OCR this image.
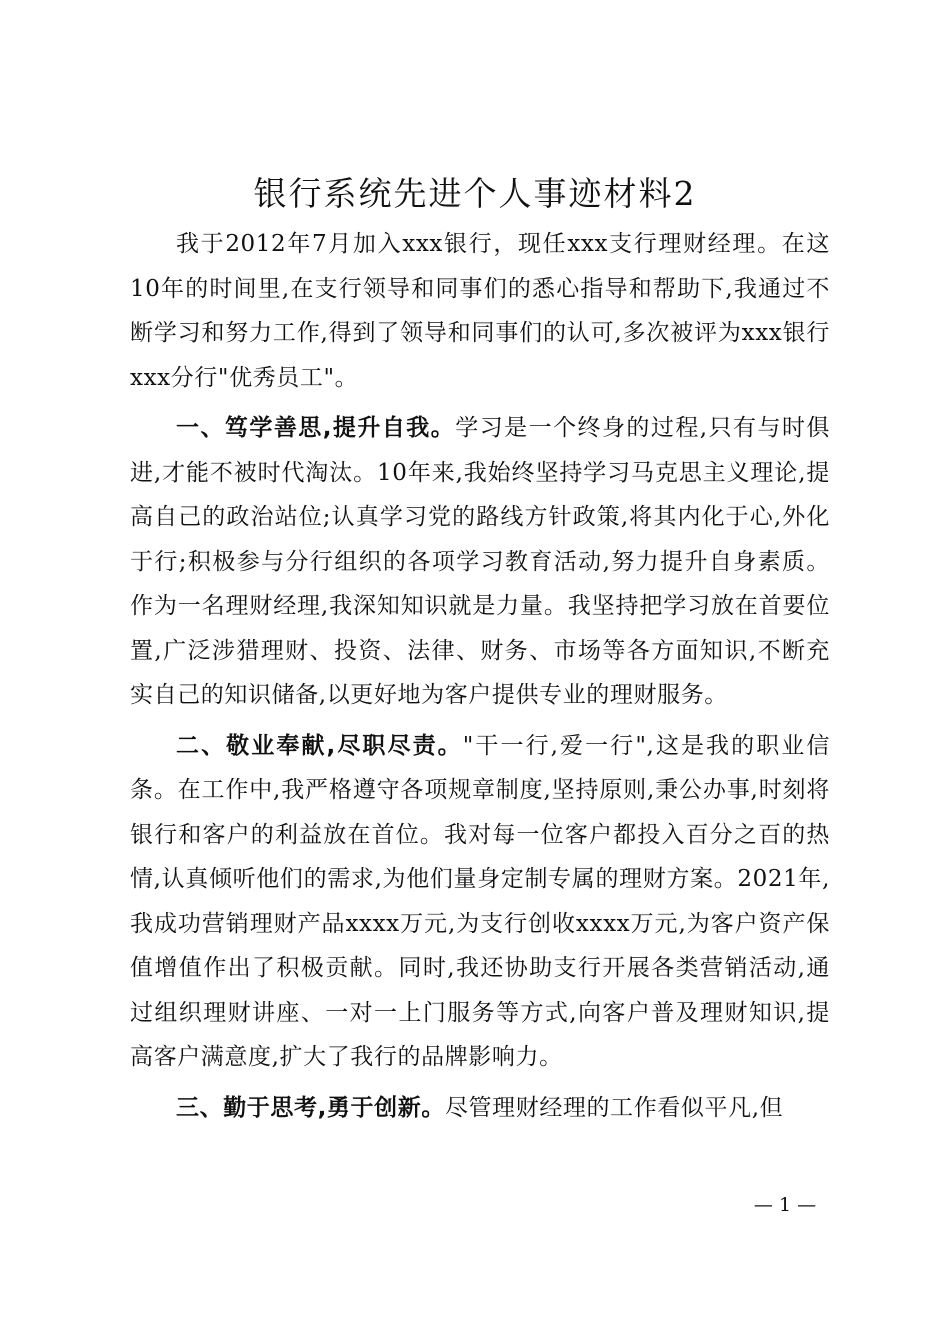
银行系统先进个人事迹材料2

我于2012年7月加入xxx银行，现任xxx支行理财经理。在这10年的时间里,在支行领导和同事们的悉心指导和帮助下,我通过不断学习和努力工作,得到了领导和同事们的认可,多次被评为xxx银行xxx分行"优秀员工"。

一、笃学善思,提升自我。学习是一个终身的过程,只有与时俱进,才能不被时代淘汰。10年来,我始终坚持学习马克思主义理论,提高自己的政治站位;认真学习党的路线方针政策,将其内化于心,外化于行;积极参与分行组织的各项学习教育活动,努力提升自身素质。作为一名理财经理,我深知知识就是力量。我坚持把学习放在首要位置,广泛涉猎理财、投资、法律、财务、市场等各方面知识,不断充实自己的知识储备,以更好地为客户提供专业的理财服务。

二、敬业奉献,尽职尽责。"干一行,爱一行",这是我的职业信条。在工作中,我严格遵守各项规章制度,坚持原则,秉公办事,时刻将银行和客户的利益放在首位。我对每一位客户都投入百分之百的热情,认真倾听他们的需求,为他们量身定制专属的理财方案。2021年,我成功营销理财产品xxxx万元,为支行创收xxxx万元,为客户资产保值增值作出了积极贡献。同时,我还协助支行开展各类营销活动,通过组织理财讲座、一对一上门服务等方式,向客户普及理财知识,提高客户满意度,扩大了我行的品牌影响力。

三、勤于思考,勇于创新。尽管理财经理的工作看似平凡,但

— 1 —
